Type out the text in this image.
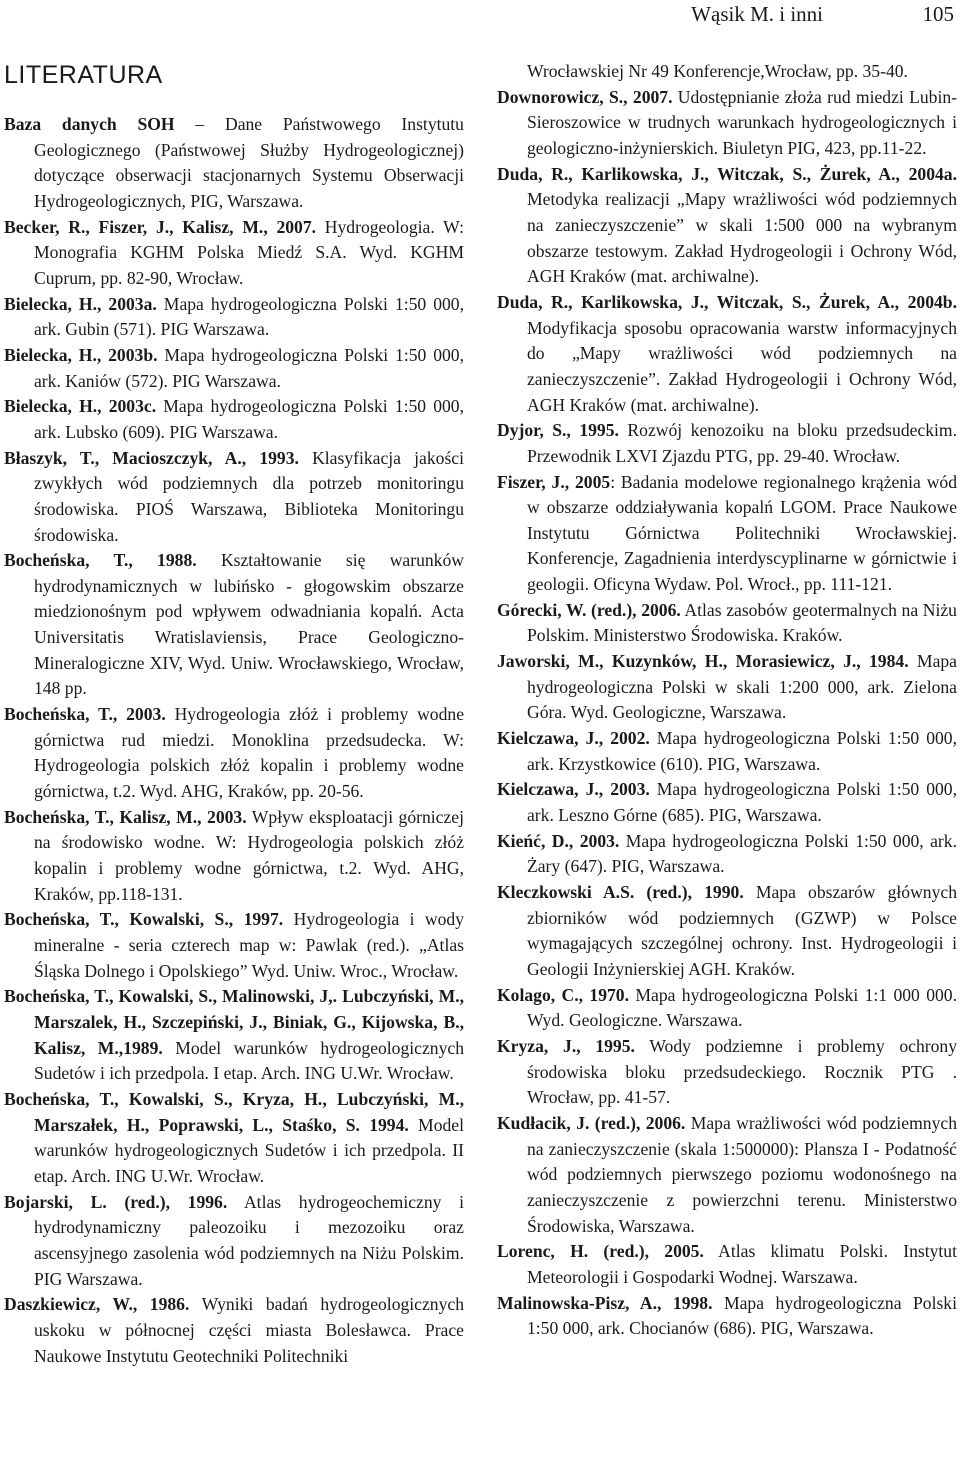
Wąsik M. i inni	105
LITERATURA

Baza danych SOH – Dane Państwowego Instytutu Geologicznego (Państwowej Służby Hydrogeologicznej) dotyczące obserwacji stacjonarnych Systemu Obserwacji Hydrogeologicznych, PIG, Warszawa.

Becker, R., Fiszer, J., Kalisz, M., 2007. Hydrogeologia. W: Monografia KGHM Polska Miedź S.A. Wyd. KGHM Cuprum, pp. 82-90, Wrocław.

Bielecka, H., 2003a. Mapa hydrogeologiczna Polski 1:50 000, ark. Gubin (571). PIG Warszawa.

Bielecka, H., 2003b. Mapa hydrogeologiczna Polski 1:50 000, ark. Kaniów (572). PIG Warszawa.

Bielecka, H., 2003c. Mapa hydrogeologiczna Polski 1:50 000, ark. Lubsko (609). PIG Warszawa.

Błaszyk, T., Macioszczyk, A., 1993. Klasyfikacja jakości zwykłych wód podziemnych dla potrzeb monitoringu środowiska. PIOŚ Warszawa, Biblioteka Monitoringu środowiska.

Bocheńska, T., 1988. Kształtowanie się warunków hydrodynamicznych w lubińsko - głogowskim obszarze miedzionośnym pod wpływem odwadniania kopalń. Acta Universitatis Wratislaviensis, Prace Geologiczno-Mineralogiczne XIV, Wyd. Uniw. Wrocławskiego, Wrocław, 148 pp.

Bocheńska, T., 2003. Hydrogeologia złóż i problemy wodne górnictwa rud miedzi. Monoklina przedsudecka. W: Hydrogeologia polskich złóż kopalin i problemy wodne górnictwa, t.2. Wyd. AHG, Kraków, pp. 20-56.

Bocheńska, T., Kalisz, M., 2003. Wpływ eksploatacji górniczej na środowisko wodne. W: Hydrogeologia polskich złóż kopalin i problemy wodne górnictwa, t.2. Wyd. AHG, Kraków, pp.118-131.

Bocheńska, T., Kowalski, S., 1997. Hydrogeologia i wody mineralne - seria czterech map w: Pawlak (red.). „Atlas Śląska Dolnego i Opolskiego” Wyd. Uniw. Wroc., Wrocław.

Bocheńska, T., Kowalski, S., Malinowski, J,. Lubczyński, M., Marszalek, H., Szczepiński, J., Biniak, G., Kijowska, B., Kalisz, M.,1989. Model warunków hydrogeologicznych Sudetów i ich przedpola. I etap. Arch. ING U.Wr. Wrocław.

Bocheńska, T., Kowalski, S., Kryza, H., Lubczyński, M., Marszałek, H., Poprawski, L., Staśko, S. 1994. Model warunków hydrogeologicznych Sudetów i ich przedpola. II etap. Arch. ING U.Wr. Wrocław.

Bojarski, L. (red.), 1996. Atlas hydrogeochemiczny i hydrodynamiczny paleozoiku i mezozoiku oraz ascensyjnego zasolenia wód podziemnych na Niżu Polskim. PIG Warszawa.

Daszkiewicz, W., 1986. Wyniki badań hydrogeologicznych uskoku w północnej części miasta Bolesławca. Prace Naukowe Instytutu Geotechniki Politechniki

Wrocławskiej Nr 49 Konferencje,Wrocław, pp. 35-40.

Downorowicz, S., 2007. Udostępnianie złoża rud miedzi Lubin-Sieroszowice w trudnych warunkach hydrogeologicznych i geologiczno-inżynierskich. Biuletyn PIG, 423, pp.11-22.

Duda, R., Karlikowska, J., Witczak, S., Żurek, A., 2004a. Metodyka realizacji „Mapy wrażliwości wód podziemnych na zanieczyszczenie” w skali 1:500 000 na wybranym obszarze testowym. Zakład Hydrogeologii i Ochrony Wód, AGH Kraków (mat. archiwalne).

Duda, R., Karlikowska, J., Witczak, S., Żurek, A., 2004b. Modyfikacja sposobu opracowania warstw informacyjnych do „Mapy wrażliwości wód podziemnych na zanieczyszczenie”. Zakład Hydrogeologii i Ochrony Wód, AGH Kraków (mat. archiwalne).

Dyjor, S., 1995. Rozwój kenozoiku na bloku przedsudeckim. Przewodnik LXVI Zjazdu PTG, pp. 29-40. Wrocław.

Fiszer, J., 2005: Badania modelowe regionalnego krążenia wód w obszarze oddziaływania kopalń LGOM. Prace Naukowe Instytutu Górnictwa Politechniki Wrocławskiej. Konferencje, Zagadnienia interdyscyplinarne w górnictwie i geologii. Oficyna Wydaw. Pol. Wrocł., pp. 111-121.

Górecki, W. (red.), 2006. Atlas zasobów geotermalnych na Niżu Polskim. Ministerstwo Środowiska. Kraków.

Jaworski, M., Kuzynków, H., Morasiewicz, J., 1984. Mapa hydrogeologiczna Polski w skali 1:200 000, ark. Zielona Góra. Wyd. Geologiczne, Warszawa.

Kielczawa, J., 2002. Mapa hydrogeologiczna Polski 1:50 000, ark. Krzystkowice (610). PIG, Warszawa.

Kielczawa, J., 2003. Mapa hydrogeologiczna Polski 1:50 000, ark. Leszno Górne (685). PIG, Warszawa.

Kieńć, D., 2003. Mapa hydrogeologiczna Polski 1:50 000, ark. Żary (647). PIG, Warszawa.

Kleczkowski A.S. (red.), 1990. Mapa obszarów głównych zbiorników wód podziemnych (GZWP) w Polsce wymagających szczególnej ochrony. Inst. Hydrogeologii i Geologii Inżynierskiej AGH. Kraków.

Kolago, C., 1970. Mapa hydrogeologiczna Polski 1:1 000 000. Wyd. Geologiczne. Warszawa.

Kryza, J., 1995. Wody podziemne i problemy ochrony środowiska bloku przedsudeckiego. Rocznik PTG . Wrocław, pp. 41-57.

Kudłacik, J. (red.), 2006. Mapa wrażliwości wód podziemnych na zanieczyszczenie (skala 1:500000): Plansza I - Podatność wód podziemnych pierwszego poziomu wodonośnego na zanieczyszczenie z powierzchni terenu. Ministerstwo Środowiska, Warszawa.

Lorenc, H. (red.), 2005. Atlas klimatu Polski. Instytut Meteorologii i Gospodarki Wodnej. Warszawa.

Malinowska-Pisz, A., 1998. Mapa hydrogeologiczna Polski 1:50 000, ark. Chocianów (686). PIG, Warszawa.
